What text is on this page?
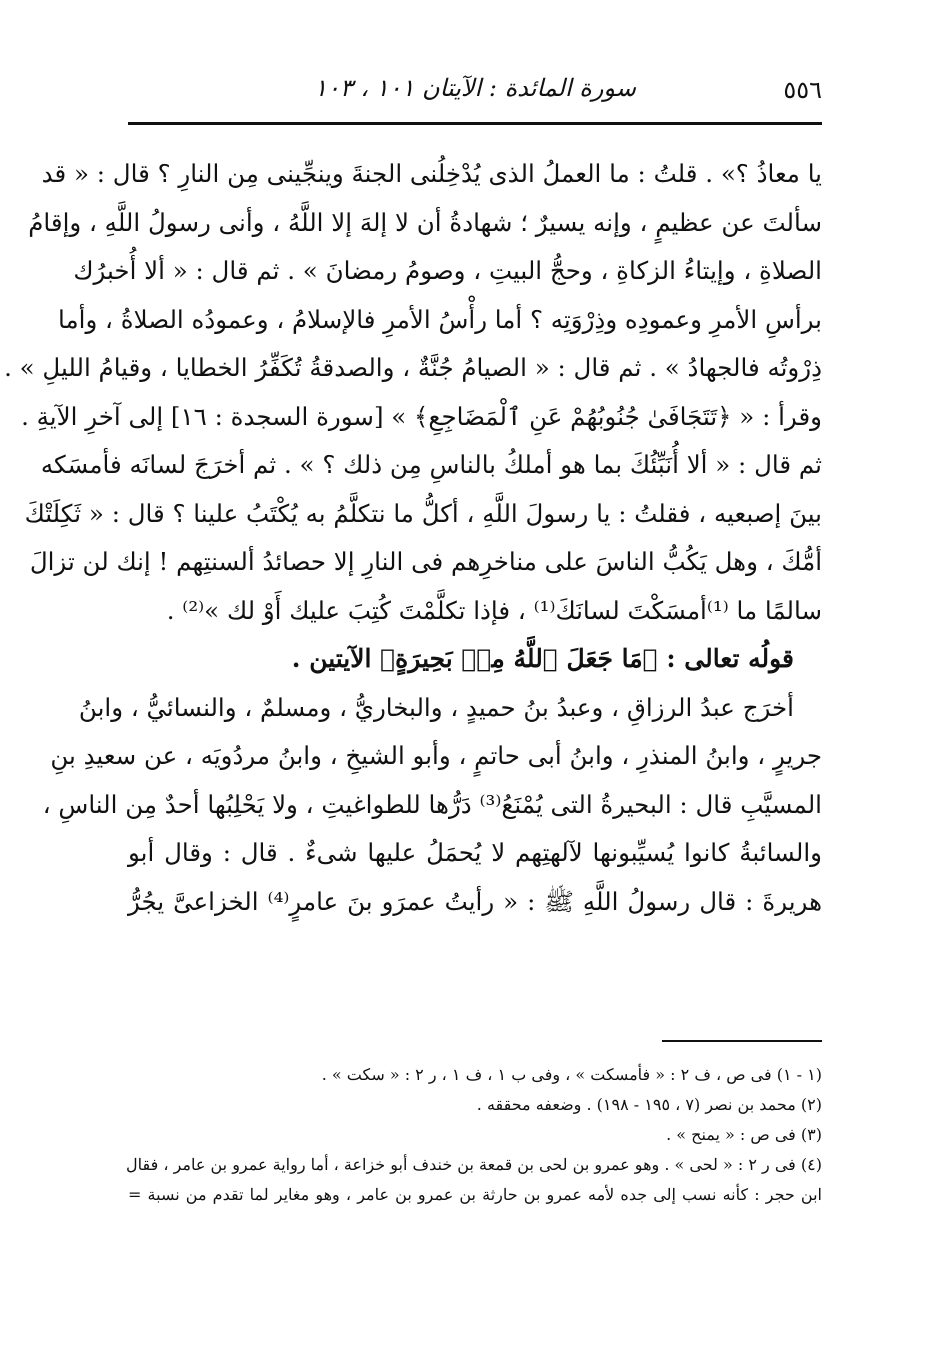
٥٥٦
سورة المائدة : الآيتان ١٠١ ، ١٠٣

يا معاذُ ؟» . قلتُ : ما العملُ الذى يُدْخِلُنى الجنةَ وينجِّينى مِن النارِ ؟ قال : « قد
سألتَ عن عظيمٍ ، وإنه يسيرٌ ؛ شهادةُ أن لا إلهَ إلا اللَّهُ ، وأنى رسولُ اللَّهِ ، وإقامُ
الصلاةِ ، وإيتاءُ الزكاةِ ، وحجُّ البيتِ ، وصومُ رمضانَ » . ثم قال : « ألا أُخبرُك
برأسِ الأمرِ وعمودِه وذِرْوَتِه ؟ أما رأْسُ الأمرِ فالإسلامُ ، وعمودُه الصلاةُ ، وأما
ذِرْوتُه فالجهادُ » . ثم قال : « الصيامُ جُنَّةٌ ، والصدقةُ تُكَفِّرُ الخطايا ، وقيامُ الليلِ » .
وقرأ : « ﴿تَتَجَافَىٰ جُنُوبُهُمْ عَنِ ٱلْمَضَاجِعِ﴾ » [سورة السجدة : ١٦] إلى آخرِ الآيةِ .
ثم قال : « ألا أُنَبِّئُكَ بما هو أملكُ بالناسِ مِن ذلك ؟ » . ثم أخرَجَ لسانَه فأمسَكه
بينَ إصبعيه ، فقلتُ : يا رسولَ اللَّهِ ، أكلُّ ما نتكلَّمُ به يُكْتَبُ علينا ؟ قال : « ثَكِلَتْكَ
أمُّكَ ، وهل يَكُبُّ الناسَ على مناخرِهم فى النارِ إلا حصائدُ ألسنتِهم ! إنك لن تزالَ
سالمًا ما ⁽¹⁾أمسَكْتَ لسانَكَ⁽¹⁾ ، فإذا تكلَّمْتَ كُتِبَ عليك أَوْ لك »⁽²⁾ .

قولُه تعالى : ﴿مَا جَعَلَ ٱللَّهُ مِنۢ بَحِيرَةٍ﴾ الآيتين .

أخرَج عبدُ الرزاقِ ، وعبدُ بنُ حميدٍ ، والبخاريُّ ، ومسلمٌ ، والنسائيُّ ، وابنُ
جريرٍ ، وابنُ المنذرِ ، وابنُ أبى حاتمٍ ، وأبو الشيخِ ، وابنُ مردُويَه ، عن سعيدِ بنِ
المسيَّبِ قال : البحيرةُ التى يُمْنَعُ⁽³⁾ دَرُّها للطواغيتِ ، ولا يَحْلِبُها أحدٌ مِن الناسِ ،
والسائبةُ كانوا يُسيِّبونها لآلهتِهم لا يُحمَلُ عليها شىءٌ . قال : وقال أبو
هريرةَ : قال رسولُ اللَّهِ ﷺ : « رأيتُ عمرَو بنَ عامرٍ⁽⁴⁾ الخزاعىَّ يجُرُّ

(١ - ١) فى ص ، ف ٢ : « فأمسكت » ، وفى ب ١ ، ف ١ ، ر ٢ : « سكت » .
(٢) محمد بن نصر (٧ ، ١٩٥ - ١٩٨) . وضعفه محققه .
(٣) فى ص : « يمنح » .
(٤) فى ر ٢ : « لحى » . وهو عمرو بن لحى بن قمعة بن خندف أبو خزاعة ، أما رواية عمرو بن عامر ، فقال
ابن حجر : كأنه نسب إلى جده لأمه عمرو بن حارثة بن عمرو بن عامر ، وهو مغاير لما تقدم من نسبة =
